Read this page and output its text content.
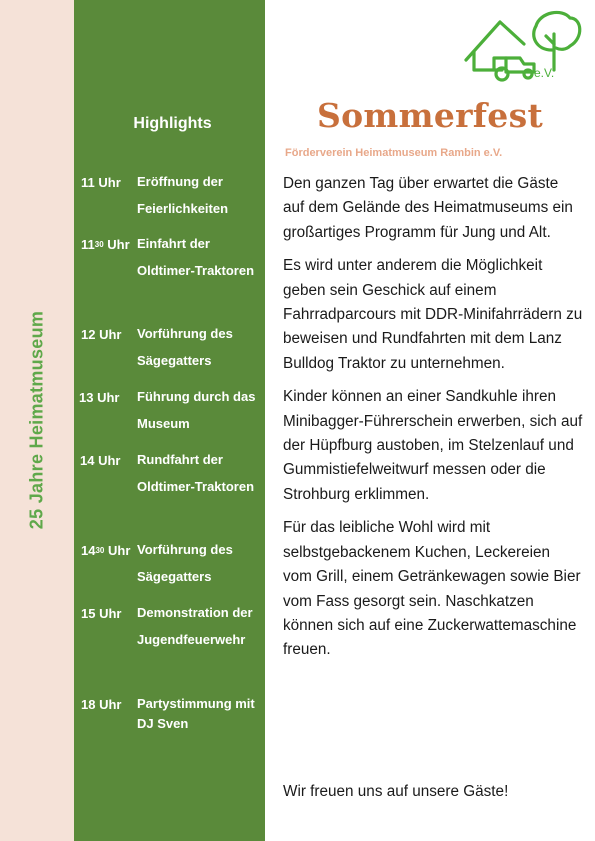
25 Jahre Heimatmuseum
Highlights
11 Uhr Eröffnung der Feierlichkeiten
$11^{30}$ Uhr Einfahrt der Oldtimer-Traktoren
12 Uhr Vorführung des Sägegatters
13 Uhr Führung durch das Museum
14 Uhr Rundfahrt der Oldtimer-Traktoren
$14^{30}$ Uhr Vorführung des Sägegatters
15 Uhr Demonstration der Jugendfeuerwehr
18 Uhr Partystimmung mit DJ Sven
e.V.
Sommerfest
Förderverein Heimatmuseum Rambin e.V.

Den ganzen Tag über erwartet die Gäste auf dem Gelände des Heimatmuseums ein großartiges Programm für Jung und Alt.

Es wird unter anderem die Möglichkeit geben sein Geschick auf einem Fahrradparcours mit DDR-Minifahrrädern zu beweisen und Rundfahrten mit dem Lanz Bulldog Traktor zu unternehmen.

Kinder können an einer Sandkuhle ihren Minibagger-Führerschein erwerben, sich auf der Hüpfburg austoben, im Stelzenlauf und Gummistiefelweitwurf messen oder die Strohburg erklimmen.

Für das leibliche Wohl wird mit selbstgebackenem Kuchen, Leckereien vom Grill, einem Getränkewagen sowie Bier vom Fass gesorgt sein. Naschkatzen können sich auf eine Zuckerwattemaschine freuen.

Wir freuen uns auf unsere Gäste!
